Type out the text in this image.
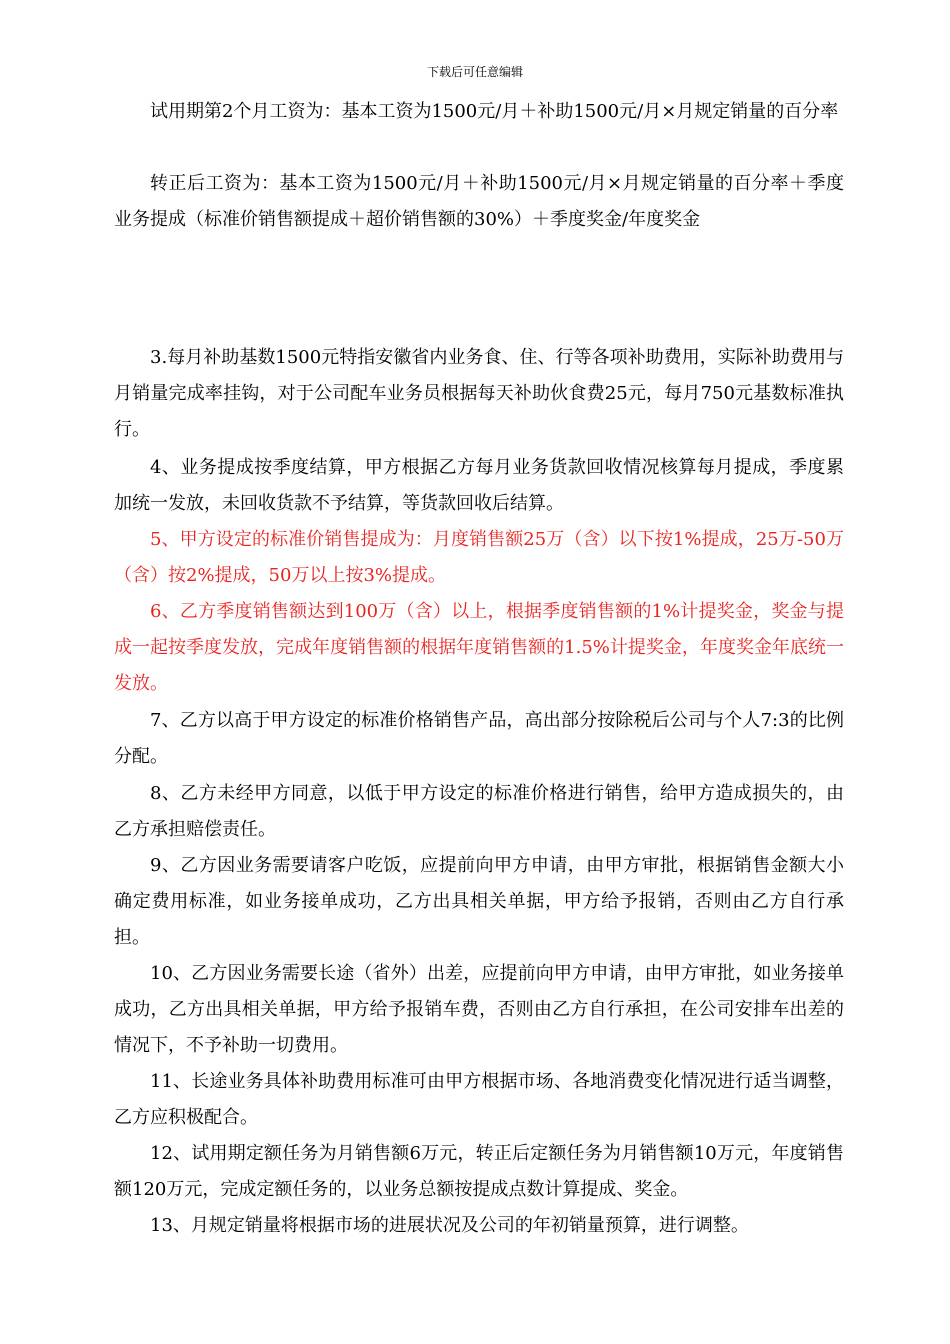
下载后可任意编辑

试用期第2个月工资为：基本工资为1500元/月＋补助1500元/月×月规定销量的百分率

转正后工资为：基本工资为1500元/月＋补助1500元/月×月规定销量的百分率＋季度业务提成（标准价销售额提成＋超价销售额的30%）＋季度奖金/年度奖金

3.每月补助基数1500元特指安徽省内业务食、住、行等各项补助费用，实际补助费用与月销量完成率挂钩，对于公司配车业务员根据每天补助伙食费25元，每月750元基数标准执行。

4、业务提成按季度结算，甲方根据乙方每月业务货款回收情况核算每月提成，季度累加统一发放，未回收货款不予结算，等货款回收后结算。

5、甲方设定的标准价销售提成为：月度销售额25万（含）以下按1%提成，25万-50万（含）按2%提成，50万以上按3%提成。

6、乙方季度销售额达到100万（含）以上，根据季度销售额的1%计提奖金，奖金与提成一起按季度发放，完成年度销售额的根据年度销售额的1.5%计提奖金，年度奖金年底统一发放。

7、乙方以高于甲方设定的标准价格销售产品，高出部分按除税后公司与个人7:3的比例分配。

8、乙方未经甲方同意，以低于甲方设定的标准价格进行销售，给甲方造成损失的，由乙方承担赔偿责任。

9、乙方因业务需要请客户吃饭，应提前向甲方申请，由甲方审批，根据销售金额大小确定费用标准，如业务接单成功，乙方出具相关单据，甲方给予报销，否则由乙方自行承担。

10、乙方因业务需要长途（省外）出差，应提前向甲方申请，由甲方审批，如业务接单成功，乙方出具相关单据，甲方给予报销车费，否则由乙方自行承担，在公司安排车出差的情况下，不予补助一切费用。

11、长途业务具体补助费用标准可由甲方根据市场、各地消费变化情况进行适当调整，乙方应积极配合。

12、试用期定额任务为月销售额6万元，转正后定额任务为月销售额10万元，年度销售额120万元，完成定额任务的，以业务总额按提成点数计算提成、奖金。

13、月规定销量将根据市场的进展状况及公司的年初销量预算，进行调整。
